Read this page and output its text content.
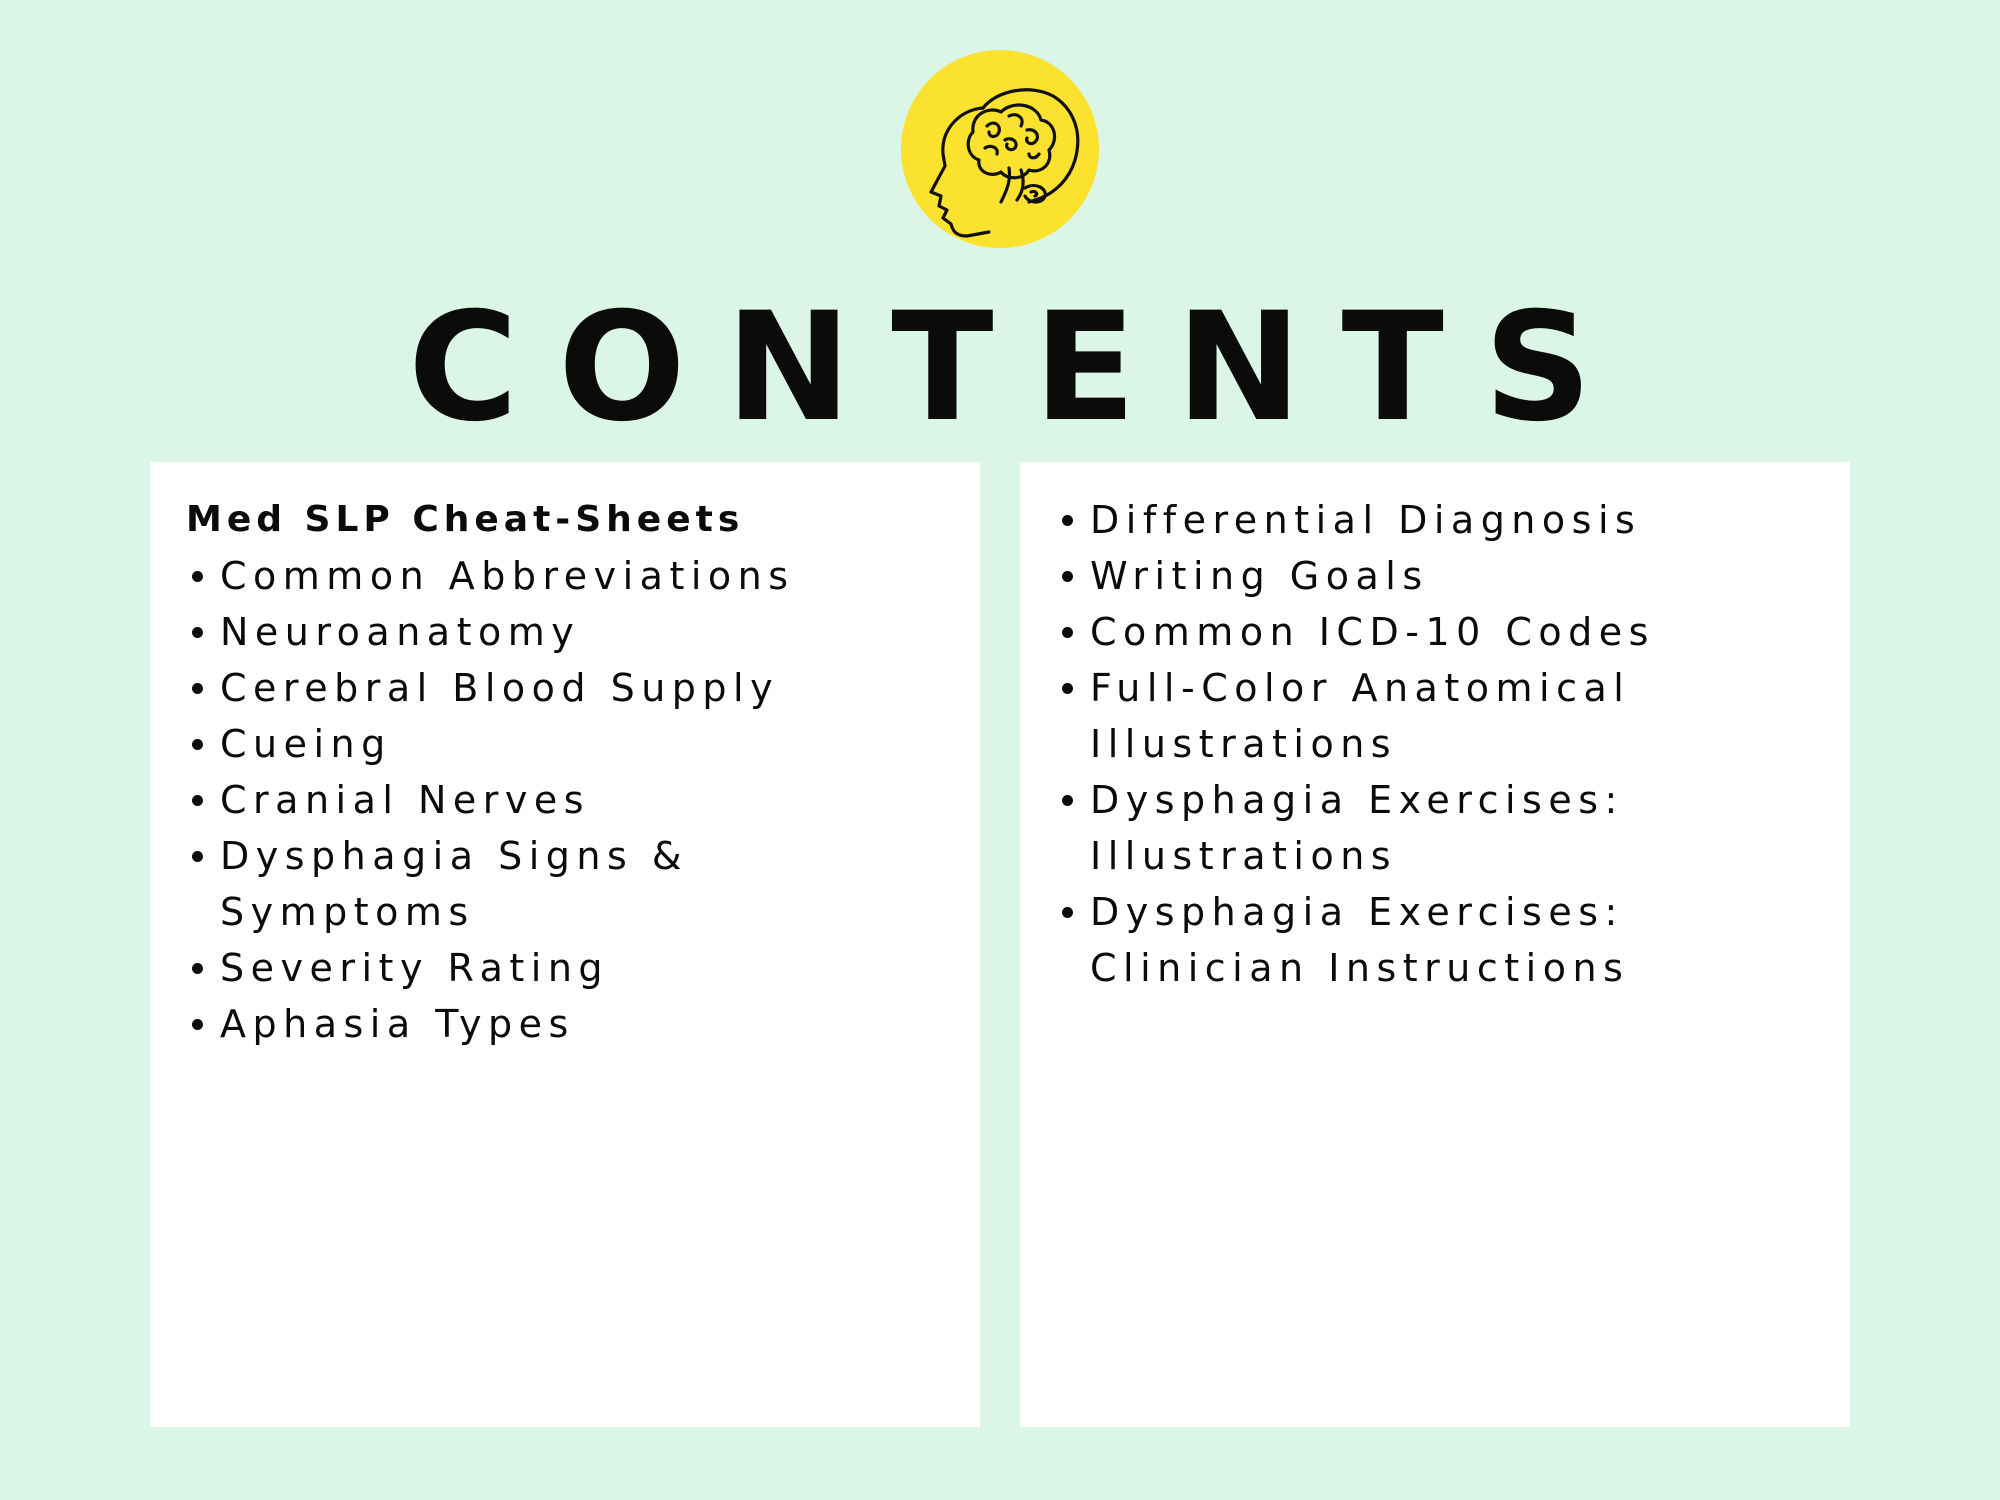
CONTENTS
Med SLP Cheat-Sheets
Common Abbreviations
Neuroanatomy
Cerebral Blood Supply
Cueing
Cranial Nerves
Dysphagia Signs &
Symptoms
Severity Rating
Aphasia Types
Differential Diagnosis
Writing Goals
Common ICD-10 Codes
Full-Color Anatomical
Illustrations
Dysphagia Exercises:
Illustrations
Dysphagia Exercises:
Clinician Instructions
